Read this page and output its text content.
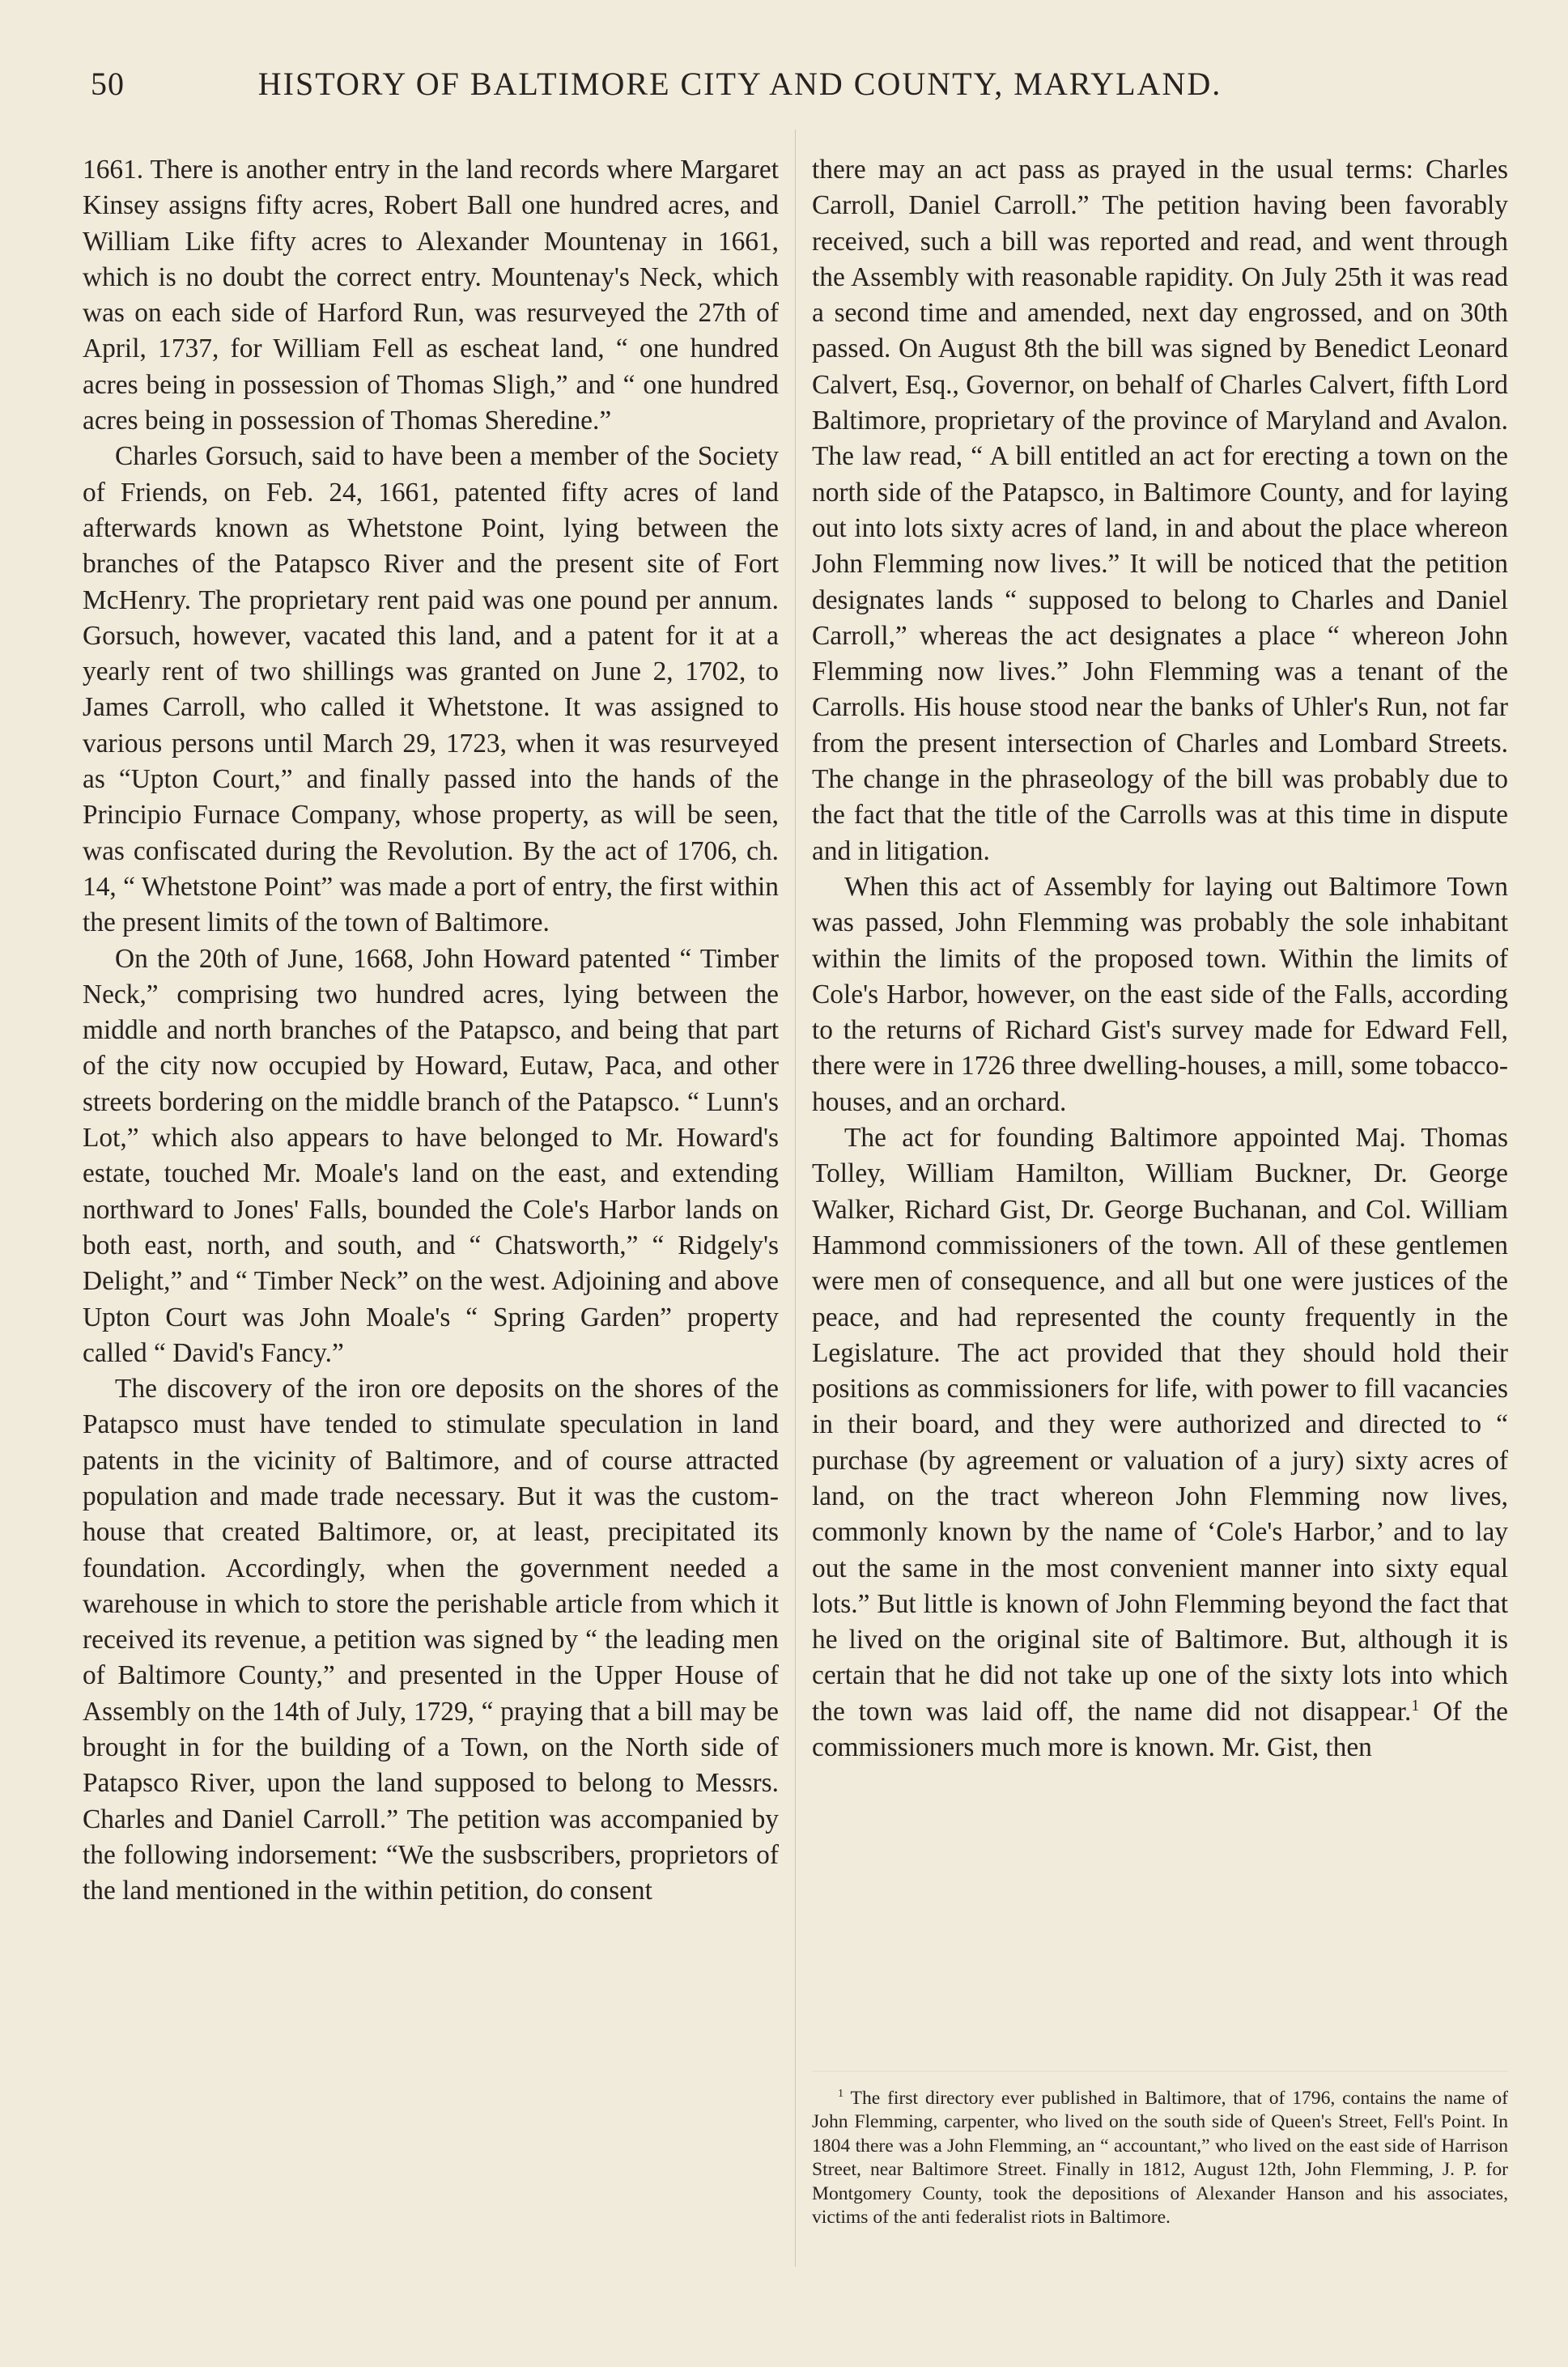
50	HISTORY OF BALTIMORE CITY AND COUNTY, MARYLAND.

1661. There is another entry in the land records where Margaret Kinsey assigns fifty acres, Robert Ball one hundred acres, and William Like fifty acres to Alexander Mountenay in 1661, which is no doubt the correct entry. Mountenay's Neck, which was on each side of Harford Run, was resurveyed the 27th of April, 1737, for William Fell as escheat land, “ one hundred acres being in possession of Thomas Sligh,” and “ one hundred acres being in possession of Thomas Sheredine.”

Charles Gorsuch, said to have been a member of the Society of Friends, on Feb. 24, 1661, patented fifty acres of land afterwards known as Whetstone Point, lying between the branches of the Patapsco River and the present site of Fort McHenry. The proprietary rent paid was one pound per annum. Gorsuch, however, vacated this land, and a patent for it at a yearly rent of two shillings was granted on June 2, 1702, to James Carroll, who called it Whetstone. It was assigned to various persons until March 29, 1723, when it was resurveyed as “Upton Court,” and finally passed into the hands of the Principio Furnace Company, whose property, as will be seen, was confiscated during the Revolution. By the act of 1706, ch. 14, “ Whetstone Point” was made a port of entry, the first within the present limits of the town of Baltimore.

On the 20th of June, 1668, John Howard patented “ Timber Neck,” comprising two hundred acres, lying between the middle and north branches of the Patapsco, and being that part of the city now occupied by Howard, Eutaw, Paca, and other streets bordering on the middle branch of the Patapsco. “ Lunn's Lot,” which also appears to have belonged to Mr. Howard's estate, touched Mr. Moale's land on the east, and extending northward to Jones' Falls, bounded the Cole's Harbor lands on both east, north, and south, and “ Chatsworth,” “ Ridgely's Delight,” and “ Timber Neck” on the west. Adjoining and above Upton Court was John Moale's “ Spring Garden” property called “ David's Fancy.”

The discovery of the iron ore deposits on the shores of the Patapsco must have tended to stimulate speculation in land patents in the vicinity of Baltimore, and of course attracted population and made trade necessary. But it was the custom-house that created Baltimore, or, at least, precipitated its foundation. Accordingly, when the government needed a warehouse in which to store the perishable article from which it received its revenue, a petition was signed by “ the leading men of Baltimore County,” and presented in the Upper House of Assembly on the 14th of July, 1729, “ praying that a bill may be brought in for the building of a Town, on the North side of Patapsco River, upon the land supposed to belong to Messrs. Charles and Daniel Carroll.” The petition was accompanied by the following indorsement: “We the susbscribers, proprietors of the land mentioned in the within petition, do consent

there may an act pass as prayed in the usual terms: Charles Carroll, Daniel Carroll.” The petition having been favorably received, such a bill was reported and read, and went through the Assembly with reasonable rapidity. On July 25th it was read a second time and amended, next day engrossed, and on 30th passed. On August 8th the bill was signed by Benedict Leonard Calvert, Esq., Governor, on behalf of Charles Calvert, fifth Lord Baltimore, proprietary of the province of Maryland and Avalon. The law read, “ A bill entitled an act for erecting a town on the north side of the Patapsco, in Baltimore County, and for laying out into lots sixty acres of land, in and about the place whereon John Flemming now lives.” It will be noticed that the petition designates lands “ supposed to belong to Charles and Daniel Carroll,” whereas the act designates a place “ whereon John Flemming now lives.” John Flemming was a tenant of the Carrolls. His house stood near the banks of Uhler's Run, not far from the present intersection of Charles and Lombard Streets. The change in the phraseology of the bill was probably due to the fact that the title of the Carrolls was at this time in dispute and in litigation.

When this act of Assembly for laying out Baltimore Town was passed, John Flemming was probably the sole inhabitant within the limits of the proposed town. Within the limits of Cole's Harbor, however, on the east side of the Falls, according to the returns of Richard Gist's survey made for Edward Fell, there were in 1726 three dwelling-houses, a mill, some tobacco-houses, and an orchard.

The act for founding Baltimore appointed Maj. Thomas Tolley, William Hamilton, William Buckner, Dr. George Walker, Richard Gist, Dr. George Buchanan, and Col. William Hammond commissioners of the town. All of these gentlemen were men of consequence, and all but one were justices of the peace, and had represented the county frequently in the Legislature. The act provided that they should hold their positions as commissioners for life, with power to fill vacancies in their board, and they were authorized and directed to “ purchase (by agreement or valuation of a jury) sixty acres of land, on the tract whereon John Flemming now lives, commonly known by the name of ‘Cole's Harbor,’ and to lay out the same in the most convenient manner into sixty equal lots.” But little is known of John Flemming beyond the fact that he lived on the original site of Baltimore. But, although it is certain that he did not take up one of the sixty lots into which the town was laid off, the name did not disappear.$^1$ Of the commissioners much more is known. Mr. Gist, then

$^1$ The first directory ever published in Baltimore, that of 1796, contains the name of John Flemming, carpenter, who lived on the south side of Queen's Street, Fell's Point. In 1804 there was a John Flemming, an “ accountant,” who lived on the east side of Harrison Street, near Baltimore Street. Finally in 1812, August 12th, John Flemming, J. P. for Montgomery County, took the depositions of Alexander Hanson and his associates, victims of the anti federalist riots in Baltimore.
